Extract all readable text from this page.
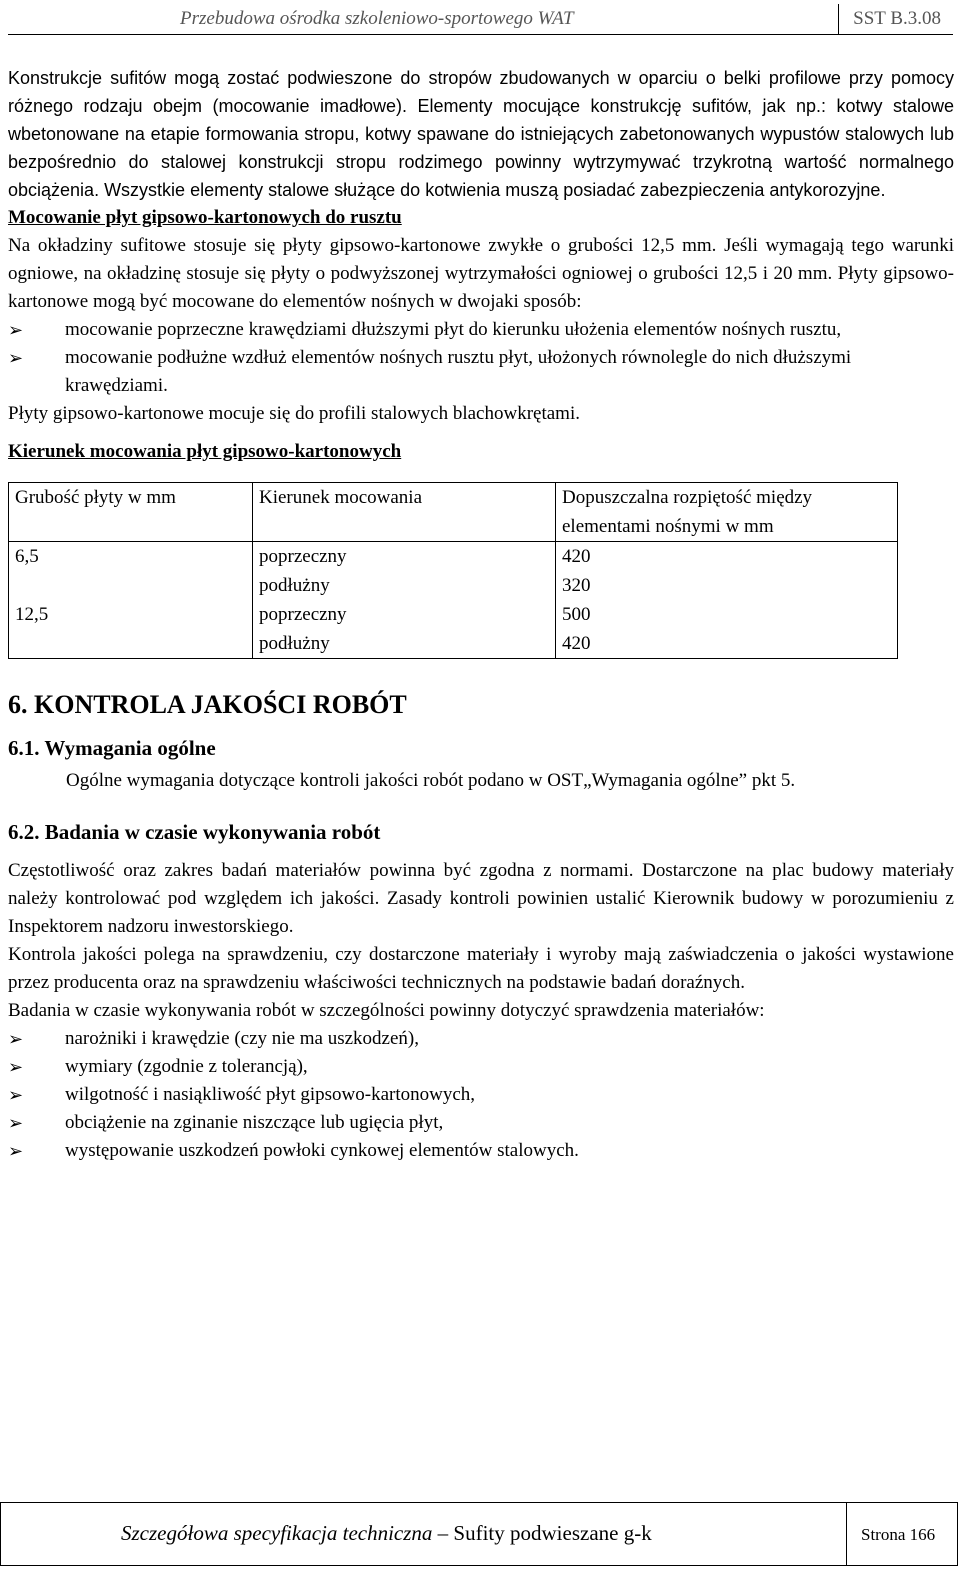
Przebudowa ośrodka szkoleniowo-sportowego WAT	SST B.3.08

Konstrukcje sufitów mogą zostać podwieszone do stropów zbudowanych w oparciu o belki profilowe przy pomocy różnego rodzaju obejm (mocowanie imadłowe). Elementy mocujące konstrukcję sufitów, jak np.: kotwy stalowe wbetonowane na etapie formowania stropu, kotwy spawane do istniejących zabetonowanych wypustów stalowych lub bezpośrednio do stalowej konstrukcji stropu rodzimego powinny wytrzymywać trzykrotną wartość normalnego obciążenia. Wszystkie elementy stalowe służące do kotwienia muszą posiadać zabezpieczenia antykorozyjne.

Mocowanie płyt gipsowo-kartonowych do rusztu

Na okładziny sufitowe stosuje się płyty gipsowo-kartonowe zwykłe o grubości 12,5 mm. Jeśli wymagają tego warunki ogniowe, na okładzinę stosuje się płyty o podwyższonej wytrzymałości ogniowej o grubości 12,5 i 20 mm. Płyty gipsowo-kartonowe mogą być mocowane do elementów nośnych w dwojaki sposób:

➢ mocowanie poprzeczne krawędziami dłuższymi płyt do kierunku ułożenia elementów nośnych rusztu,
➢ mocowanie podłużne wzdłuż elementów nośnych rusztu płyt, ułożonych równolegle do nich dłuższymi krawędziami.

Płyty gipsowo-kartonowe mocuje się do profili stalowych blachowkrętami.

Kierunek mocowania płyt gipsowo-kartonowych

Grubość płyty w mm	Kierunek mocowania	Dopuszczalna rozpiętość między elementami nośnymi w mm
6,5	poprzeczny	420
	podłużny	320
12,5	poprzeczny	500
	podłużny	420
6. KONTROLA JAKOŚCI ROBÓT
6.1. Wymagania ogólne

Ogólne wymagania dotyczące kontroli jakości robót podano w OST„Wymagania ogólne” pkt 5.

6.2. Badania w czasie wykonywania robót

Częstotliwość oraz zakres badań materiałów powinna być zgodna z normami. Dostarczone na plac budowy materiały należy kontrolować pod względem ich jakości. Zasady kontroli powinien ustalić Kierownik budowy w porozumieniu z Inspektorem nadzoru inwestorskiego.

Kontrola jakości polega na sprawdzeniu, czy dostarczone materiały i wyroby mają zaświadczenia o jakości wystawione przez producenta oraz na sprawdzeniu właściwości technicznych na podstawie badań doraźnych.

Badania w czasie wykonywania robót w szczególności powinny dotyczyć sprawdzenia materiałów:

➢ narożniki i krawędzie (czy nie ma uszkodzeń),
➢ wymiary (zgodnie z tolerancją),
➢ wilgotność i nasiąkliwość płyt gipsowo-kartonowych,
➢ obciążenie na zginanie niszczące lub ugięcia płyt,
➢ występowanie uszkodzeń powłoki cynkowej elementów stalowych.
Szczegółowa specyfikacja techniczna – Sufity podwieszane g-k	Strona 166
